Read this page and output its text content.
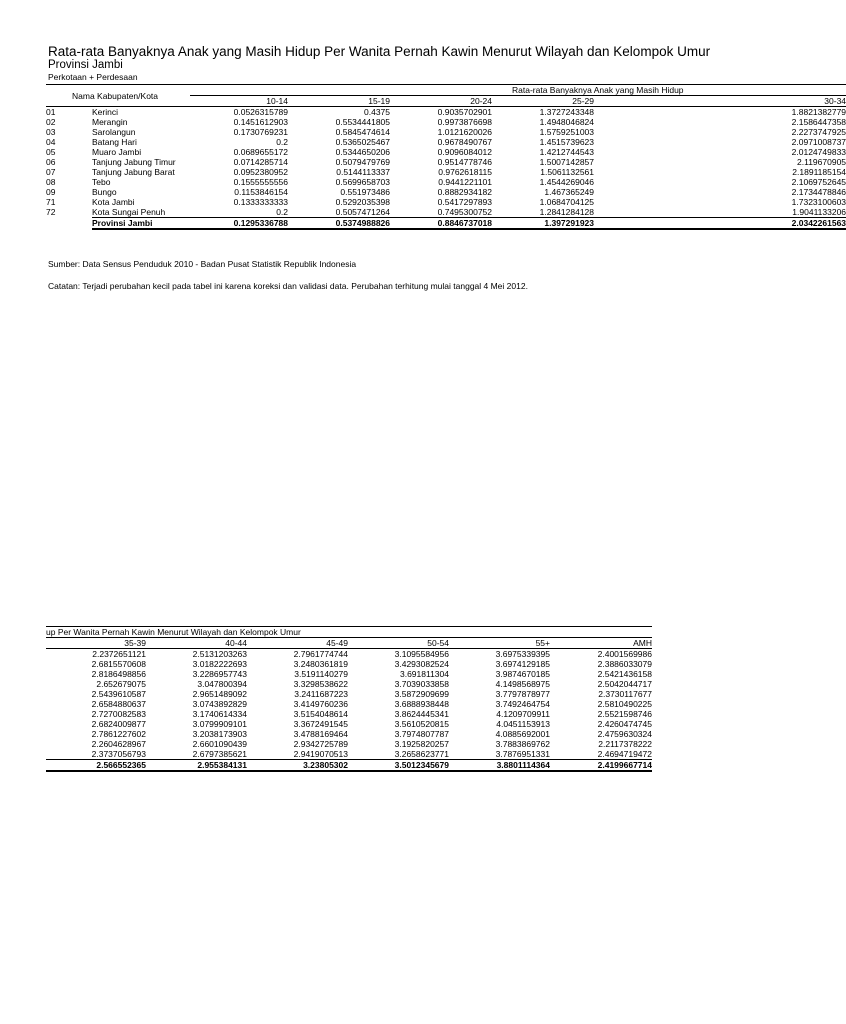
Rata-rata Banyaknya Anak yang Masih Hidup Per Wanita Pernah Kawin Menurut Wilayah dan Kelompok Umur
Provinsi Jambi
Perkotaan + Perdesaan
Nama Kabupaten/Kota			Rata-rata Banyaknya Anak yang Masih Hidup			
		10-14	15-19	20-24	25-29	30-34
01	Kerinci	0.0526315789	0.4375	0.9035702901	1.3727243348	1.8821382779
02	Merangin	0.1451612903	0.5534441805	0.9973876698	1.4948046824	2.1586447358
03	Sarolangun	0.1730769231	0.5845474614	1.0121620026	1.5759251003	2.2273747925
04	Batang Hari	0.2	0.5365025467	0.9678490767	1.4515739623	2.0971008737
05	Muaro Jambi	0.0689655172	0.5344650206	0.9096084012	1.4212744543	2.0124749833
06	Tanjung Jabung Timur	0.0714285714	0.5079479769	0.9514778746	1.5007142857	2.119670905
07	Tanjung Jabung Barat	0.0952380952	0.5144113337	0.9762618115	1.5061132561	2.1891185154
08	Tebo	0.1555555556	0.5699658703	0.9441221101	1.4544269046	2.1069752645
09	Bungo	0.1153846154	0.551973486	0.8882934182	1.467365249	2.1734478846
71	Kota Jambi	0.1333333333	0.5292035398	0.5417297893	1.0684704125	1.7323100603
72	Kota Sungai Penuh	0.2	0.5057471264	0.7495300752	1.2841284128	1.9041133206
	Provinsi Jambi	0.1295336788	0.5374988826	0.8846737018	1.397291923	2.0342261563
Sumber: Data Sensus Penduduk 2010 - Badan Pusat Statistik Republik Indonesia
Catatan: Terjadi perubahan kecil pada tabel ini karena koreksi dan validasi data. Perubahan terhitung mulai tanggal 4 Mei 2012.
up Per Wanita Pernah Kawin Menurut Wilayah dan Kelompok Umur					
35-39	40-44	45-49	50-54	55+	AMH
2.2372651121	2.5131203263	2.7961774744	3.1095584956	3.6975339395	2.4001569986
2.6815570608	3.0182222693	3.2480361819	3.4293082524	3.6974129185	2.3886033079
2.8186498856	3.2286957743	3.5191140279	3.691811304	3.9874670185	2.5421436158
2.652679075	3.047800394	3.3298538622	3.7039033858	4.1498568975	2.5042044717
2.5439610587	2.9651489092	3.2411687223	3.5872909699	3.7797878977	2.3730117677
2.6584880637	3.0743892829	3.4149760236	3.6888938448	3.7492464754	2.5810490225
2.7270082583	3.1740614334	3.5154048614	3.8624445341	4.1209709911	2.5521598746
2.6824009877	3.0799909101	3.3672491545	3.5610520815	4.0451153913	2.4260474745
2.7861227602	3.2038173903	3.4788169464	3.7974807787	4.0885692001	2.4759630324
2.2604628967	2.6601090439	2.9342725789	3.1925820257	3.7883869762	2.2117378222
2.3737056793	2.6797385621	2.9419070513	3.2658623771	3.7876951331	2.4694719472
2.566552365	2.955384131	3.23805302	3.5012345679	3.8801114364	2.4199667714
